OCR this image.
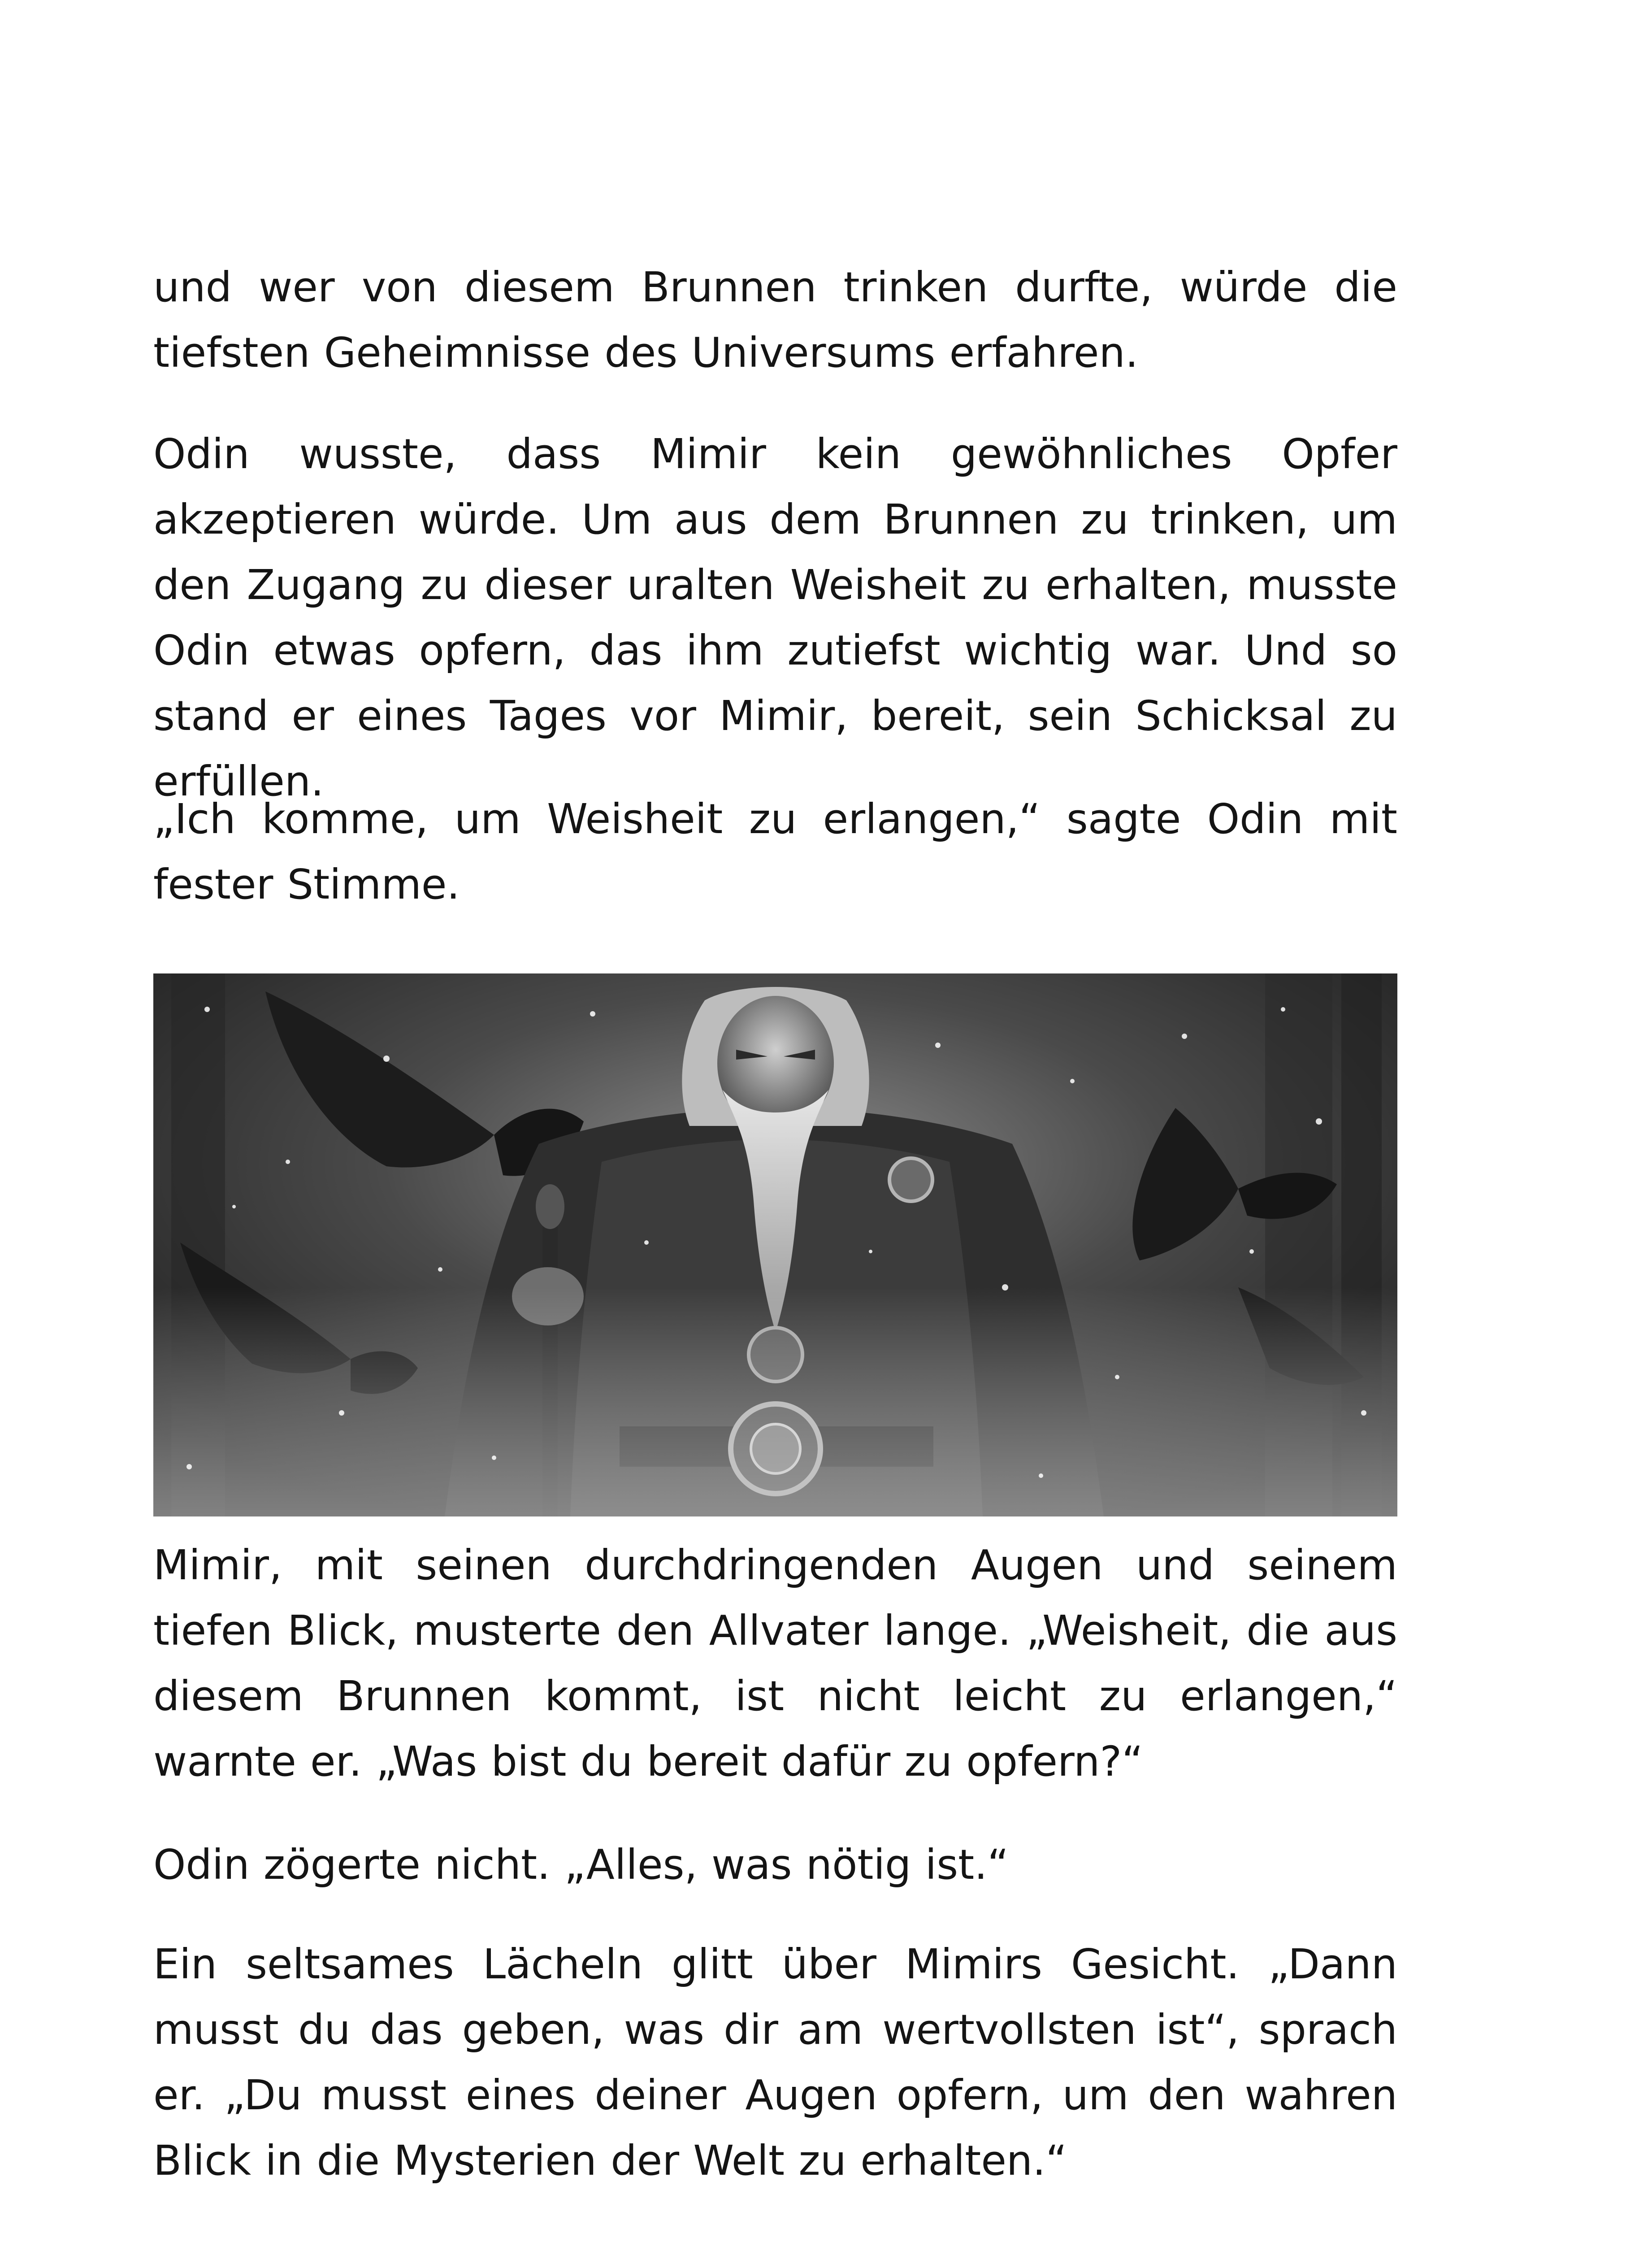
und wer von diesem Brunnen trinken durfte, würde die tiefsten Geheimnisse des Universums erfahren.

Odin wusste, dass Mimir kein gewöhnliches Opfer akzeptieren würde. Um aus dem Brunnen zu trinken, um den Zugang zu dieser uralten Weisheit zu erhalten, musste Odin etwas opfern, das ihm zutiefst wichtig war. Und so stand er eines Tages vor Mimir, bereit, sein Schicksal zu erfüllen.

„Ich komme, um Weisheit zu erlangen,“ sagte Odin mit fester Stimme.

Mimir, mit seinen durchdringenden Augen und seinem tiefen Blick, musterte den Allvater lange. „Weisheit, die aus diesem Brunnen kommt, ist nicht leicht zu erlangen,“ warnte er. „Was bist du bereit dafür zu opfern?“

Odin zögerte nicht. „Alles, was nötig ist.“

Ein seltsames Lächeln glitt über Mimirs Gesicht. „Dann musst du das geben, was dir am wertvollsten ist“, sprach er. „Du musst eines deiner Augen opfern, um den wahren Blick in die Mysterien der Welt zu erhalten.“
